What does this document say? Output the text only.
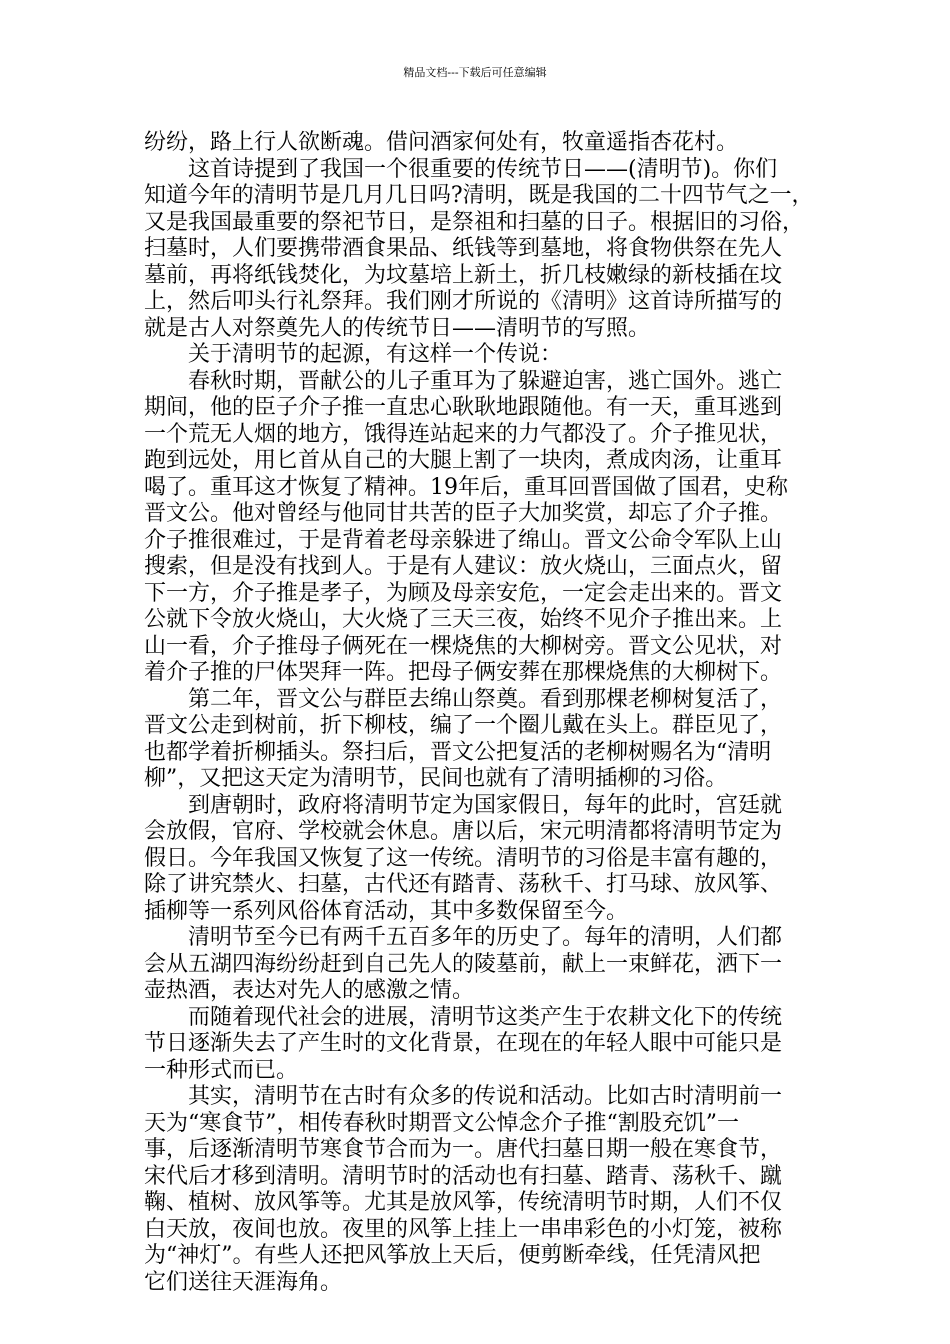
精品文档---下载后可任意编辑
纷纷，路上行人欲断魂。借问酒家何处有，牧童遥指杏花村。
这首诗提到了我国一个很重要的传统节日——(清明节)。你们
知道今年的清明节是几月几日吗?清明，既是我国的二十四节气之一，
又是我国最重要的祭祀节日，是祭祖和扫墓的日子。根据旧的习俗，
扫墓时，人们要携带酒食果品、纸钱等到墓地，将食物供祭在先人
墓前，再将纸钱焚化，为坟墓培上新土，折几枝嫩绿的新枝插在坟
上，然后叩头行礼祭拜。我们刚才所说的《清明》这首诗所描写的
就是古人对祭奠先人的传统节日——清明节的写照。
关于清明节的起源，有这样一个传说：
春秋时期，晋献公的儿子重耳为了躲避迫害，逃亡国外。逃亡
期间，他的臣子介子推一直忠心耿耿地跟随他。有一天，重耳逃到
一个荒无人烟的地方，饿得连站起来的力气都没了。介子推见状，
跑到远处，用匕首从自己的大腿上割了一块肉，煮成肉汤，让重耳
喝了。重耳这才恢复了精神。19年后，重耳回晋国做了国君，史称
晋文公。他对曾经与他同甘共苦的臣子大加奖赏，却忘了介子推。
介子推很难过，于是背着老母亲躲进了绵山。晋文公命令军队上山
搜索，但是没有找到人。于是有人建议：放火烧山，三面点火，留
下一方，介子推是孝子，为顾及母亲安危，一定会走出来的。晋文
公就下令放火烧山，大火烧了三天三夜，始终不见介子推出来。上
山一看，介子推母子俩死在一棵烧焦的大柳树旁。晋文公见状，对
着介子推的尸体哭拜一阵。把母子俩安葬在那棵烧焦的大柳树下。
第二年，晋文公与群臣去绵山祭奠。看到那棵老柳树复活了，
晋文公走到树前，折下柳枝，编了一个圈儿戴在头上。群臣见了，
也都学着折柳插头。祭扫后，晋文公把复活的老柳树赐名为“清明
柳”，又把这天定为清明节，民间也就有了清明插柳的习俗。
到唐朝时，政府将清明节定为国家假日，每年的此时，宫廷就
会放假，官府、学校就会休息。唐以后，宋元明清都将清明节定为
假日。今年我国又恢复了这一传统。清明节的习俗是丰富有趣的，
除了讲究禁火、扫墓，古代还有踏青、荡秋千、打马球、放风筝、
插柳等一系列风俗体育活动，其中多数保留至今。
清明节至今已有两千五百多年的历史了。每年的清明，人们都
会从五湖四海纷纷赶到自己先人的陵墓前，献上一束鲜花，洒下一
壶热酒，表达对先人的感激之情。
而随着现代社会的进展，清明节这类产生于农耕文化下的传统
节日逐渐失去了产生时的文化背景，在现在的年轻人眼中可能只是
一种形式而已。
其实，清明节在古时有众多的传说和活动。比如古时清明前一
天为“寒食节”，相传春秋时期晋文公悼念介子推“割股充饥”一
事，后逐渐清明节寒食节合而为一。唐代扫墓日期一般在寒食节，
宋代后才移到清明。清明节时的活动也有扫墓、踏青、荡秋千、蹴
鞠、植树、放风筝等。尤其是放风筝，传统清明节时期，人们不仅
白天放，夜间也放。夜里的风筝上挂上一串串彩色的小灯笼，被称
为“神灯”。有些人还把风筝放上天后，便剪断牵线，任凭清风把
它们送往天涯海角。
